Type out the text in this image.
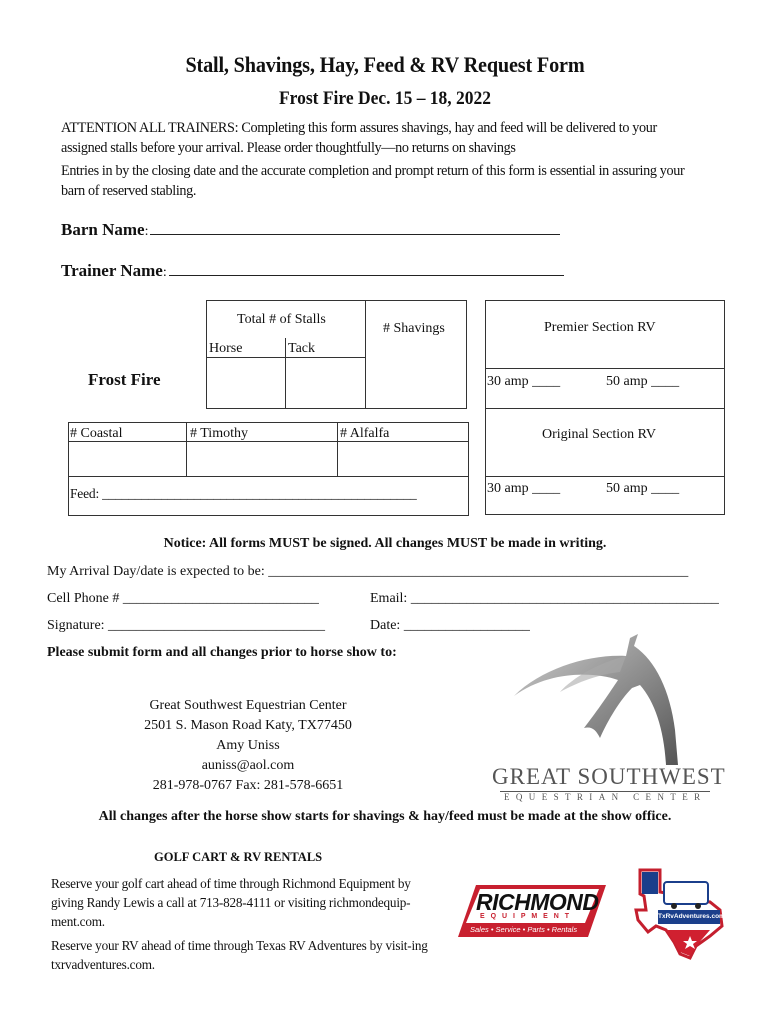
Stall, Shavings, Hay, Feed & RV Request Form
Frost Fire Dec. 15 – 18, 2022
ATTENTION ALL TRAINERS: Completing this form assures shavings, hay and feed will be delivered to your assigned stalls before your arrival. Please order thoughtfully—no returns on shavings
Entries in by the closing date and the accurate completion and prompt return of this form is essential in assuring your barn of reserved stabling.
Barn Name:
Trainer Name:
Frost Fire
Total # of Stalls
Horse	Tack
# Shavings
# Coastal	# Timothy	# Alfalfa
Feed: ________________________________________________
Premier Section RV
30 amp ____	50 amp ____
Original Section RV
30 amp ____	50 amp ____
Notice: All forms MUST be signed. All changes MUST be made in writing.
My Arrival Day/date is expected to be: ____________________________________________________________
Cell Phone # ____________________________	Email: ____________________________________________
Signature: _______________________________	Date: __________________
Please submit form and all changes prior to horse show to:
Great Southwest Equestrian Center
2501 S. Mason Road Katy, TX77450
Amy Uniss
auniss@aol.com
281-978-0767 Fax: 281-578-6651	GREAT SOUTHWEST
EQUESTRIAN CENTER
All changes after the horse show starts for shavings & hay/feed must be made at the show office.
GOLF CART & RV RENTALS
Reserve your golf cart ahead of time through Richmond Equipment by giving Randy Lewis a call at 713-828-4111 or visiting richmondequip-ment.com.
Reserve your RV ahead of time through Texas RV Adventures by visit-ing txrvadventures.com.
RICHMOND
E Q U I P M E N T
Sales • Service • Parts • Rentals
TxRvAdventures.com
